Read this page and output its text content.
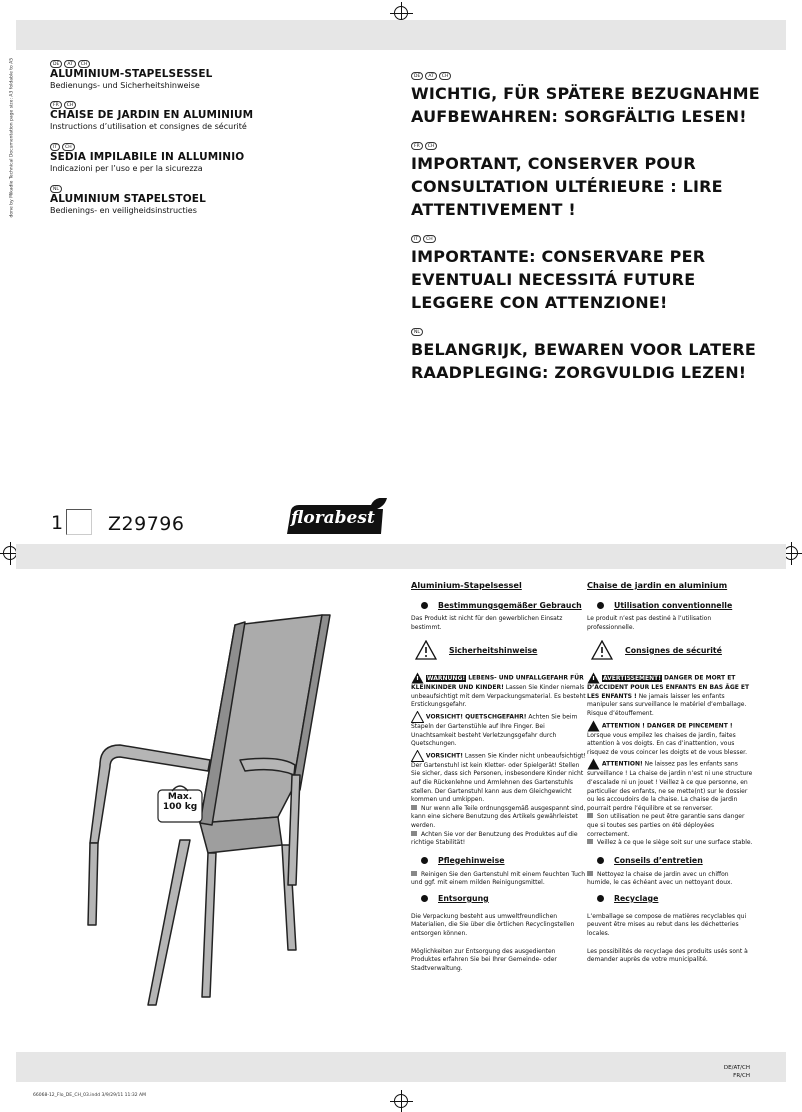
done by Mikadie Technical Documentation page size: A3 foldable to A5	DE	AT	CH
ALUMINIUM-STAPELSESSEL
Bedienungs- und Sicherheitshinweise
FR	CH
CHAISE DE JARDIN EN ALUMINIUM
Instructions d’utilisation et consignes de sécurité
IT	CH
SEDIA IMPILABILE IN ALLUMINIO
Indicazioni per l’uso e per la sicurezza
NL
ALUMINIUM STAPELSTOEL
Bedienings- en veiligheidsinstructies
DE	AT	CH
WICHTIG, FÜR SPÄTERE BEZUGNAHME AUFBEWAHREN: SORGFÄLTIG LESEN!
FR	CH
IMPORTANT, CONSERVER POUR CONSULTATION ULTÉRIEURE : LIRE ATTENTIVEMENT !
IT	CH
IMPORTANTE: CONSERVARE PER EVENTUALI NECESSITÁ FUTURE LEGGERE CON ATTENZIONE!
NL
BELANGRIJK, BEWAREN VOOR LATERE RAADPLEGING: ZORGVULDIG LEZEN!
1 Z29796	florabest
Max.
100 kg
Aluminium-Stapelsessel
Bestimmungsgemäßer Gebrauch
Das Produkt ist nicht für den gewerblichen Einsatz bestimmt.
Sicherheitshinweise
WARNUNG! LEBENS- UND UNFALLGEFAHR FÜR KLEINKINDER UND KINDER! Lassen Sie Kinder niemals unbeaufsichtigt mit dem Verpackungsmaterial. Es besteht Erstickungsgefahr.
VORSICHT! QUETSCHGEFAHR! Achten Sie beim Stapeln der Gartenstühle auf Ihre Finger. Bei Unachtsamkeit besteht Verletzungsgefahr durch Quetschungen.
VORSICHT! Lassen Sie Kinder nicht unbeaufsichtigt! Der Gartenstuhl ist kein Kletter- oder Spielgerät! Stellen Sie sicher, dass sich Personen, insbesondere Kinder nicht auf die Rückenlehne und Armlehnen des Gartenstuhls stellen. Der Gartenstuhl kann aus dem Gleichgewicht kommen und umkippen.
Nur wenn alle Teile ordnungsgemäß ausgespannt sind, kann eine sichere Benutzung des Artikels gewährleistet werden.
Achten Sie vor der Benutzung des Produktes auf die richtige Stabilität!
Pflegehinweise
Reinigen Sie den Gartenstuhl mit einem feuchten Tuch und ggf. mit einem milden Reinigungsmittel.
Entsorgung
Die Verpackung besteht aus umweltfreundlichen Materialien, die Sie über die örtlichen Recyclingstellen entsorgen können.
Möglichkeiten zur Entsorgung des ausgedienten Produktes erfahren Sie bei Ihrer Gemeinde- oder Stadtverwaltung.
Chaise de jardin en aluminium
Utilisation conventionnelle
Le produit n’est pas destiné à l’utilisation professionnelle.
Consignes de sécurité
AVERTISSEMENT! DANGER DE MORT ET D’ACCIDENT POUR LES ENFANTS EN BAS ÂGE ET LES ENFANTS ! Ne jamais laisser les enfants manipuler sans surveillance le matériel d’emballage. Risque d’étouffement.
ATTENTION ! DANGER DE PINCEMENT ! Lorsque vous empilez les chaises de jardin, faites attention à vos doigts. En cas d’inattention, vous risquez de vous coincer les doigts et de vous blesser.
ATTENTION! Ne laissez pas les enfants sans surveillance ! La chaise de jardin n’est ni une structure d’escalade ni un jouet ! Veillez à ce que personne, en particulier des enfants, ne se mette(nt) sur le dossier ou les accoudoirs de la chaise. La chaise de jardin pourrait perdre l’équilibre et se renverser.
Son utilisation ne peut être garantie sans danger que si toutes ses parties on été déployées correctement.
Veillez à ce que le siège soit sur une surface stable.
Conseils d’entretien
Nettoyez la chaise de jardin avec un chiffon humide, le cas échéant avec un nettoyant doux.
Recyclage
L’emballage se compose de matières recyclables qui peuvent être mises au rebut dans les déchetteries locales.
Les possibilités de recyclage des produits usés sont à demander auprès de votre municipalité.
DE/AT/CH
FR/CH
66068-12_Flo_DE_CH_03.indd 3/9/29/11 11:32 AM
